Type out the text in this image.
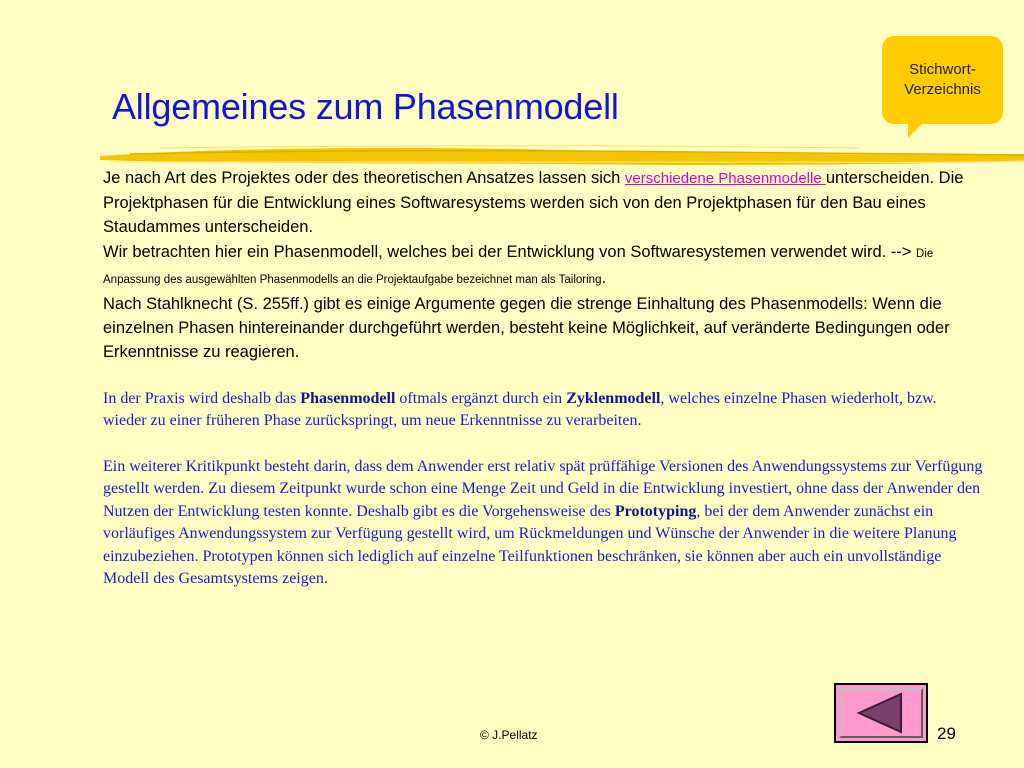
Stichwort-
Verzeichnis
Allgemeines zum Phasenmodell

Je nach Art des Projektes oder des theoretischen Ansatzes lassen sich verschiedene Phasenmodelle unterscheiden. Die Projektphasen für die Entwicklung eines Softwaresystems werden sich von den Projektphasen für den Bau eines Staudammes unterscheiden.

Wir betrachten hier ein Phasenmodell, welches bei der Entwicklung von Softwaresystemen verwendet wird. --> Die Anpassung des ausgewählten Phasenmodells an die Projektaufgabe bezeichnet man als Tailoring.

Nach Stahlknecht (S. 255ff.) gibt es einige Argumente gegen die strenge Einhaltung des Phasenmodells: Wenn die einzelnen Phasen hintereinander durchgeführt werden, besteht keine Möglichkeit, auf veränderte Bedingungen oder Erkenntnisse zu reagieren.

In der Praxis wird deshalb das Phasenmodell oftmals ergänzt durch ein Zyklenmodell, welches einzelne Phasen wiederholt, bzw. wieder zu einer früheren Phase zurückspringt, um neue Erkenntnisse zu verarbeiten.

Ein weiterer Kritikpunkt besteht darin, dass dem Anwender erst relativ spät prüffähige Versionen des Anwendungssystems zur Verfügung gestellt werden. Zu diesem Zeitpunkt wurde schon eine Menge Zeit und Geld in die Entwicklung investiert, ohne dass der Anwender den Nutzen der Entwicklung testen konnte. Deshalb gibt es die Vorgehensweise des Prototyping, bei der dem Anwender zunächst ein vorläufiges Anwendungssystem zur Verfügung gestellt wird, um Rückmeldungen und Wünsche der Anwender in die weitere Planung einzubeziehen. Prototypen können sich lediglich auf einzelne Teilfunktionen beschränken, sie können aber auch ein unvollständige Modell des Gesamtsystems zeigen.

© J.Pellatz	29
